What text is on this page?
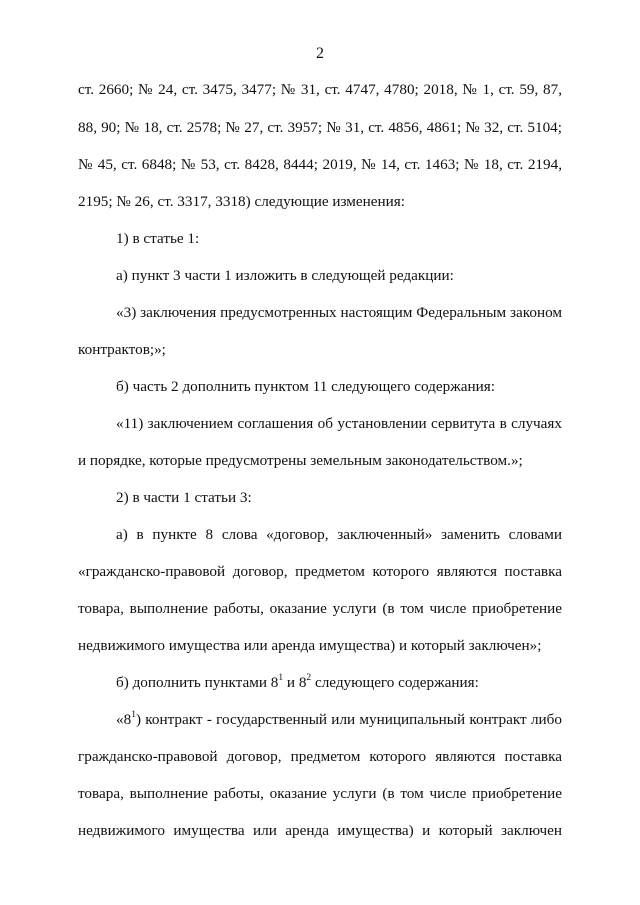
2
ст. 2660; № 24, ст. 3475, 3477; № 31, ст. 4747, 4780; 2018, № 1, ст. 59, 87,
88, 90; № 18, ст. 2578; № 27, ст. 3957; № 31, ст. 4856, 4861; № 32, ст. 5104;
№ 45, ст. 6848; № 53, ст. 8428, 8444; 2019, № 14, ст. 1463; № 18, ст. 2194,
2195; № 26, ст. 3317, 3318) следующие изменения:
1) в статье 1:
а) пункт 3 части 1 изложить в следующей редакции:
«3) заключения предусмотренных настоящим Федеральным законом
контрактов;»;
б) часть 2 дополнить пунктом 11 следующего содержания:
«11) заключением соглашения об установлении сервитута в случаях
и порядке, которые предусмотрены земельным законодательством.»;
2) в части 1 статьи 3:
а) в пункте 8 слова «договор, заключенный» заменить словами
«гражданско-правовой договор, предметом которого являются поставка
товара, выполнение работы, оказание услуги (в том числе приобретение
недвижимого имущества или аренда имущества) и который заключен»;
б) дополнить пунктами $8^1$ и $8^2$ следующего содержания:
«$8^1$) контракт - государственный или муниципальный контракт либо
гражданско-правовой договор, предметом которого являются поставка
товара, выполнение работы, оказание услуги (в том числе приобретение
недвижимого имущества или аренда имущества) и который заключен
